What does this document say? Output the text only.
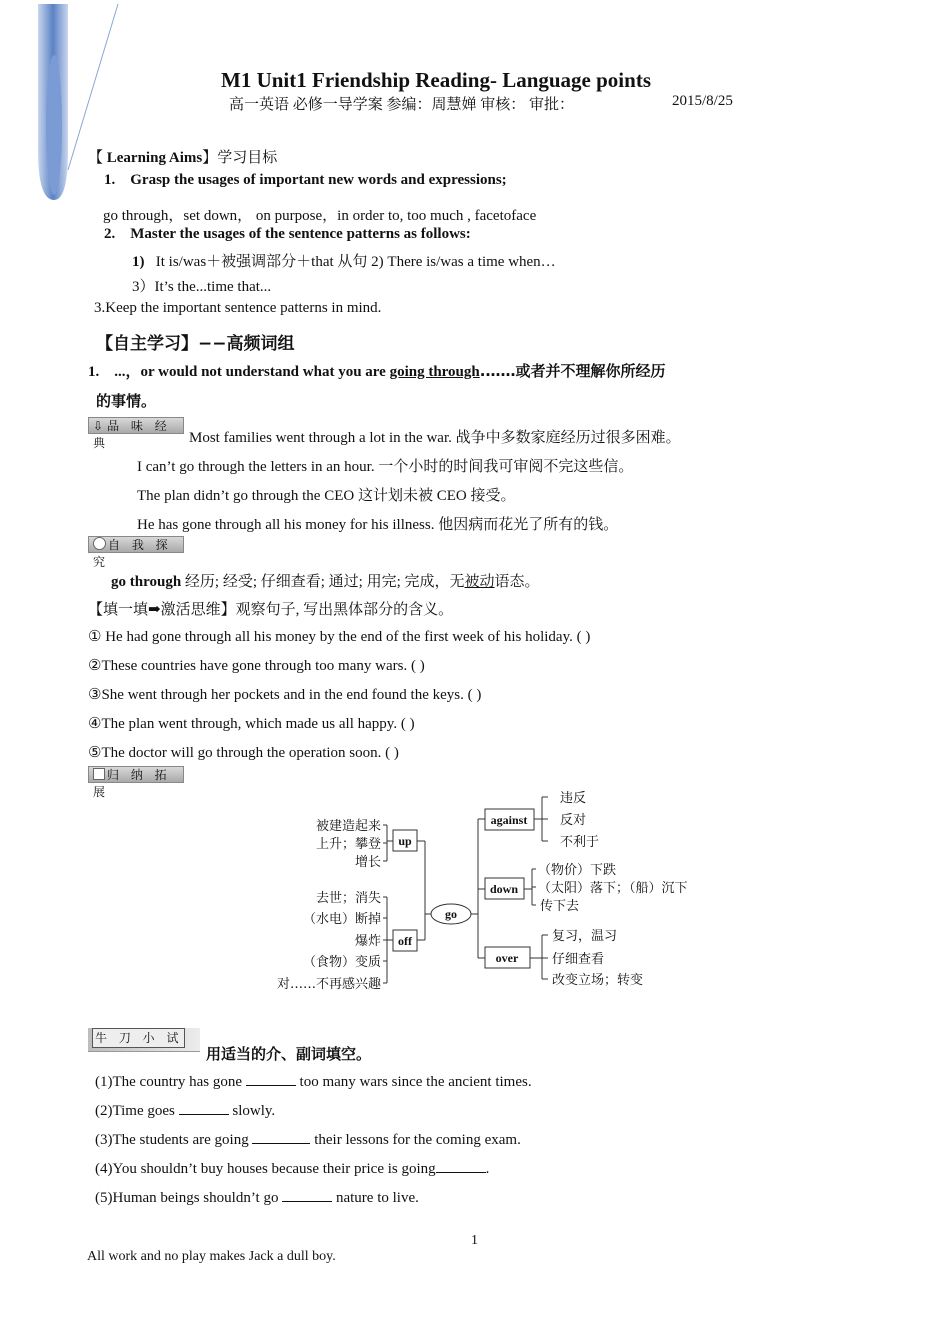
M1 Unit1 Friendship Reading- Language points
高一英语 必修一导学案 参编：周慧婵 审核： 审批：	2015/8/25
【 Learning Aims】学习目标
1. Grasp the usages of important new words and expressions;
go through，set down， on purpose，in order to, too much , facetoface
2. Master the usages of the sentence patterns as follows:
1) It is/was＋被强调部分＋that 从句 2) There is/was a time when…
3）It’s the...time that...
3.Keep the important sentence patterns in mind.
【自主学习】−−高频词组
1. ...，or would not understand what you are going through.……或者并不理解你所经历
的事情。
⇩品 味 经 典	Most families went through a lot in the war. 战争中多数家庭经历过很多困难。
I can’t go through the letters in an hour. 一个小时的时间我可审阅不完这些信。
The plan didn’t go through the CEO 这计划未被 CEO 接受。
He has gone through all his money for his illness. 他因病而花光了所有的钱。
自 我 探 究
go through 经历; 经受; 仔细查看; 通过; 用完; 完成，无被动语态。
【填一填➡激活思维】观察句子, 写出黑体部分的含义。
① He had gone through all his money by the end of the first week of his holiday. ( )
②These countries have gone through too many wars. ( )
③She went through her pockets and in the end found the keys. ( )
④The plan went through, which made us all happy. ( )
⑤The doctor will go through the operation soon. ( )
归 纳 拓 展
go
up
被建造起来
上升；攀登
增长
off
去世；消失
（水电）断掉
爆炸
（食物）变质
对……不再感兴趣
against
违反
反对
不利于
down
（物价）下跌
（太阳）落下；（船）沉下
传下去
over
复习，温习
仔细查看
改变立场；转变
牛 刀 小 试
用适当的介、副词填空。
(1)The country has gone	too many wars since the ancient times.
(2)Time goes	slowly.
(3)The students are going	their lessons for the coming exam.
(4)You shouldn’t buy houses because their price is going	.
(5)Human beings shouldn’t go	nature to live.
1
All work and no play makes Jack a dull boy.
